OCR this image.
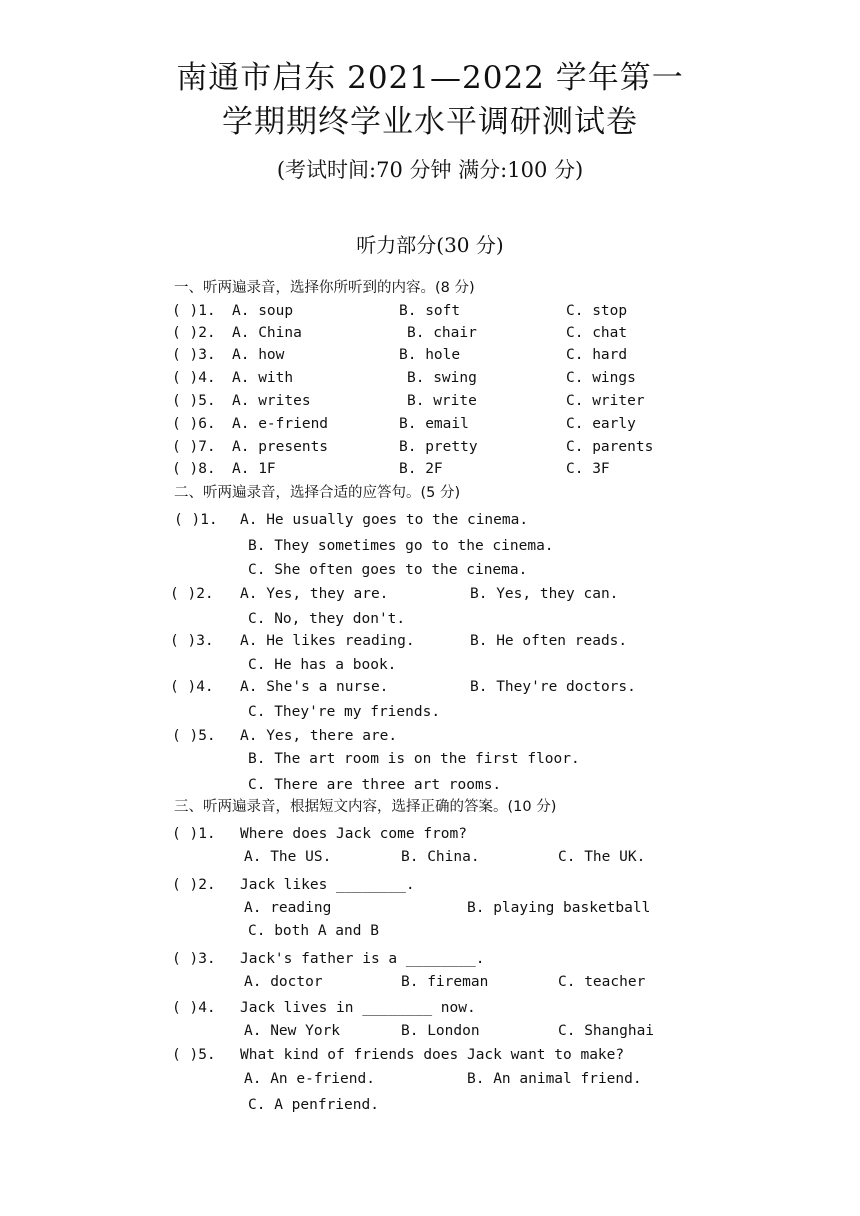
南通市启东 2021—2022 学年第一
学期期终学业水平调研测试卷
(考试时间:70 分钟 满分:100 分)
听力部分(30 分)
一、听两遍录音，选择你所听到的内容。(8 分)
( )1. A. soup	B. soft	C. stop
( )2. A. China	B. chair	C. chat
( )3. A. how	B. hole	C. hard
( )4. A. with	B. swing	C. wings
( )5. A. writes	B. write	C. writer
( )6. A. e-friend	B. email	C. early
( )7. A. presents	B. pretty	C. parents
( )8. A. 1F	B. 2F	C. 3F
二、听两遍录音，选择合适的应答句。(5 分)
( )1. A. He usually goes to the cinema.
B. They sometimes go to the cinema.
C. She often goes to the cinema.
( )2. A. Yes, they are.	B. Yes, they can.
C. No, they don't.
( )3. A. He likes reading.	B. He often reads.
C. He has a book.
( )4. A. She's a nurse.	B. They're doctors.
C. They're my friends.
( )5. A. Yes, there are.
B. The art room is on the first floor.
C. There are three art rooms.
三、听两遍录音，根据短文内容，选择正确的答案。(10 分)
( )1. Where does Jack come from?
A. The US.	B. China.	C. The UK.
( )2. Jack likes ________.
A. reading	B. playing basketball
C. both A and B
( )3. Jack's father is a ________.
A. doctor	B. fireman	C. teacher
( )4. Jack lives in ________ now.
A. New York	B. London	C. Shanghai
( )5. What kind of friends does Jack want to make?
A. An e-friend.	B. An animal friend.
C. A penfriend.
